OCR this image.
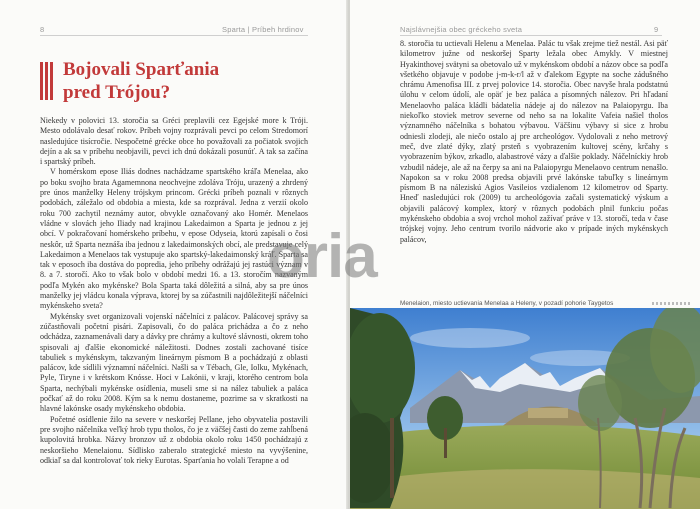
8	Sparta | Príbeh hrdinov
Bojovali Sparťania
pred Trójou?
Najslávnejšia obec gréckeho sveta	9

Niekedy v polovici 13. storočia sa Gréci preplavili cez Egejské more k Tróji. Mesto odolávalo desať rokov. Príbeh vojny rozprávali pevci po celom Stredomorí nasledujúce tisícročie. Nespočetné grécke obce ho považovali za počiatok svojich dejín a ak sa v príbehu neobjavili, pevci ich dnú dokázali posunúť. A tak sa začína i spartský príbeh.

V homérskom epose Iliás dodnes nachádzame spartského kráľa Menelaa, ako po boku svojho brata Agamemnona neochvejne zdoláva Tróju, urazený a zhrdený pre únos manželky Heleny trójskym princom. Grécki príbeh poznali v rôznych podobách, záležalo od obdobia a miesta, kde sa rozprával. Jedna z verzií okolo roku 700 zachytil neznámy autor, obvykle označovaný ako Homér. Menelaos vládne v slovách jeho Iliady nad krajinou Lakedaimon a Sparta je jednou z jej obcí. V pokračovaní homérskeho príbehu, v epose Odyseia, ktorú zapísali o čosi neskôr, už Sparta neznáša iba jednou z lakedaimonských obcí, ale predstavuje celý Lakedaimon a Menelaos tak vystupuje ako spartský-lakedaimonský kráľ. Sparta sa tak v eposoch iba dostáva do popredia, jeho príbehy odrážajú jej rastúci význam v 8. a 7. storočí. Ako to však bolo v období medzi 16. a 13. storočím nazvaným podľa Mykén ako mykénske? Bola Sparta taká dôležitá a silná, aby sa pre únos manželky jej vládcu konala výprava, ktorej by sa zúčastnili najdôležitejší náčelníci mykénskeho sveta?

Mykénsky svet organizovali vojenskí náčelníci z palácov. Palácovej správy sa zúčastňovali početní pisári. Zapisovali, čo do paláca prichádza a čo z neho odchádza, zaznamenávali dary a dávky pre chrámy a kultové slávnosti, okrem toho spisovali aj ďalšie ekonomické náležitosti. Dodnes zostali zachované tisíce tabuliek s mykénskym, takzvaným lineárnym písmom B a pochádzajú z oblasti palácov, kde sídlili významní náčelníci. Našli sa v Tébach, Gle, Iolku, Mykénach, Pyle, Tiryne i v krétskom Knósse. Hoci v Lakónii, v kraji, ktorého centrom bola Sparta, nechýbali mykénske osídlenia, museli sme si na nález tabuliek a paláca počkať až do roku 2008. Kým sa k nemu dostaneme, pozrime sa v skratkosti na hlavné lakónske osady mykénskeho obdobia.

Početné osídlenie žilo na severe v neskoršej Pellane, jeho obyvatelia postavili pre svojho náčelníka veľký hrob typu tholos, čo je z väčšej časti do zeme zahĺbená kupolovitá hrobka. Názvy bronzov už z obdobia okolo roku 1450 pochádzajú z neskoršieho Menelaionu. Sídlisko zaberalo strategické miesto na vyvýšenine, odkiaľ sa dal kontrolovať tok rieky Eurotas. Sparťania ho volali Terapne a od

8. storočia tu uctievali Helenu a Menelaa. Palác tu však zrejme tiež nestál. Asi päť kilometrov južne od neskoršej Sparty ležala obec Amykly. V miestnej Hyakinthovej svätyni sa obetovalo už v mykénskom období a názov obce sa podľa všetkého objavuje v podobe j-m-k-r/l až v ďalekom Egypte na soche zádušného chrámu Amenofisa III. z prvej polovice 14. storočia. Obec navyše hrala podstatnú úlohu v celom údolí, ale opäť je bez paláca a písomných nálezov. Pri hľadaní Menelaovho paláca kládli bádatelia nádeje aj do nálezov na Palaiopyrgu. Iba niekoľko stoviek metrov severne od neho sa na lokalite Vafeia našiel tholos významného náčelníka s bohatou výbavou. Väčšinu výbavy si sice z hrobu odniesli zlodeji, ale niečo ostalo aj pre archeológov. Vydolovali z neho metrový meč, dve zlaté dýky, zlatý prsteň s vyobrazením kultovej scény, krčahy s vyobrazením býkov, zrkadlo, alabastrové vázy a ďalšie poklady. Náčelníckiy hrob vzbudil nádeje, ale až na čerpy sa ani na Palaiopyrgu Menelaovo centrum nenašlo. Napokon sa v roku 2008 predsa objavili prvé lakónske tabuľky s lineárnym písmom B na náleziskú Agios Vasileios vzdialenom 12 kilometrov od Sparty. Hneď nasledujúci rok (2009) tu archeológovia začali systematický výskum a objavili palácový komplex, ktorý v rôznych podobách plnil funkciu počas mykénskeho obdobia a svoj vrchol mohol zažívať práve v 13. storočí, teda v čase trójskej vojny. Jeho centrum tvorilo nádvorie ako v prípade iných mykénskych palácov,

Menelaion, miesto uctievania Menelaa a Heleny, v pozadí pohorie Taygetos
oria
